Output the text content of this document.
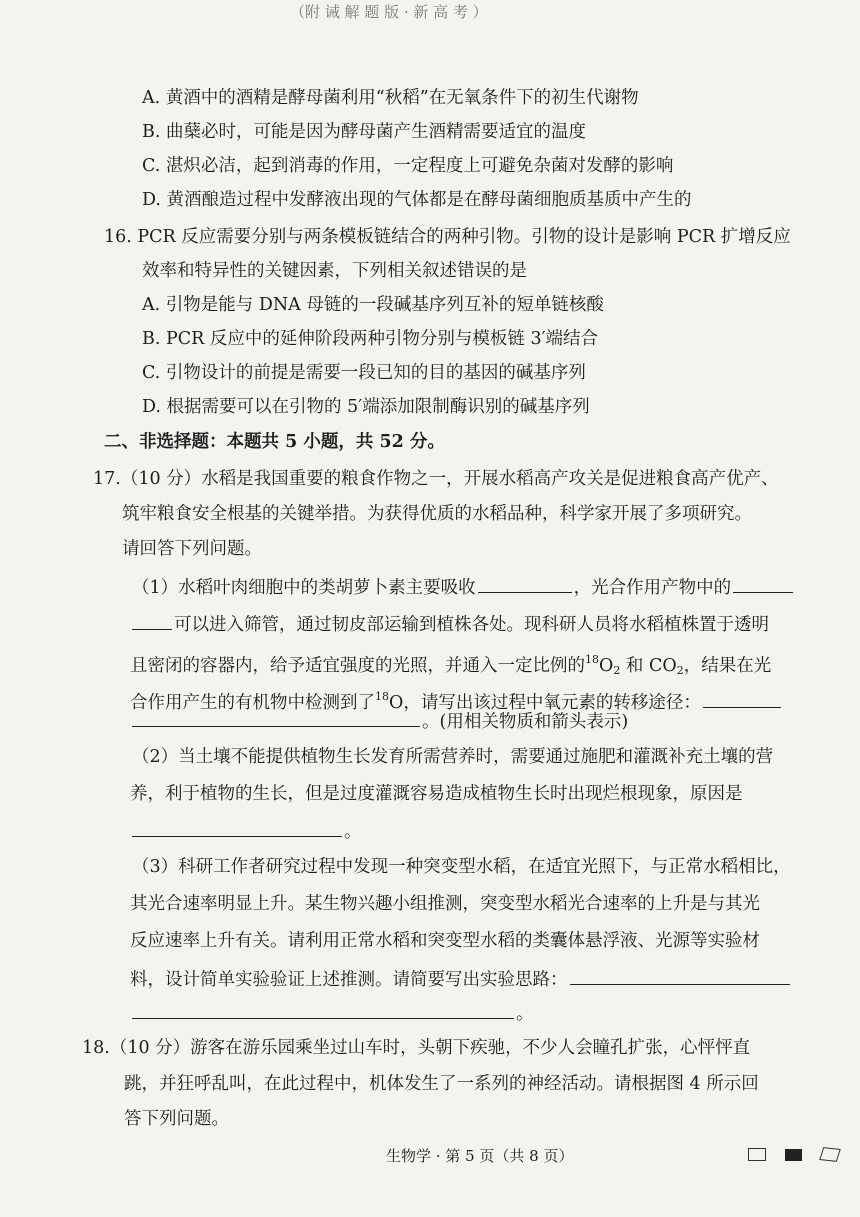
（附 诫 解 题 版 · 新 高 考 ）
A. 黄酒中的酒精是酵母菌利用“秋稻”在无氧条件下的初生代谢物
B. 曲蘖必时，可能是因为酵母菌产生酒精需要适宜的温度
C. 湛炽必洁，起到消毒的作用，一定程度上可避免杂菌对发酵的影响
D. 黄酒酿造过程中发酵液出现的气体都是在酵母菌细胞质基质中产生的
16. PCR 反应需要分别与两条模板链结合的两种引物。引物的设计是影响 PCR 扩增反应
效率和特异性的关键因素，下列相关叙述错误的是
A. 引物是能与 DNA 母链的一段碱基序列互补的短单链核酸
B. PCR 反应中的延伸阶段两种引物分别与模板链 3′端结合
C. 引物设计的前提是需要一段已知的目的基因的碱基序列
D. 根据需要可以在引物的 5′端添加限制酶识别的碱基序列
二、非选择题：本题共 5 小题，共 52 分。
17.（10 分）水稻是我国重要的粮食作物之一，开展水稻高产攻关是促进粮食高产优产、
筑牢粮食安全根基的关键举措。为获得优质的水稻品种，科学家开展了多项研究。
请回答下列问题。
（1）水稻叶肉细胞中的类胡萝卜素主要吸收	，光合作用产物中的
可以进入筛管，通过韧皮部运输到植株各处。现科研人员将水稻植株置于透明
且密闭的容器内，给予适宜强度的光照，并通入一定比例的$^{18}O_2$ 和 $CO_2$，结果在光
合作用产生的有机物中检测到了$^{18}$O，请写出该过程中氧元素的转移途径：
。(用相关物质和箭头表示)
（2）当土壤不能提供植物生长发育所需营养时，需要通过施肥和灌溉补充土壤的营
养，利于植物的生长，但是过度灌溉容易造成植物生长时出现烂根现象，原因是
。
（3）科研工作者研究过程中发现一种突变型水稻，在适宜光照下，与正常水稻相比，
其光合速率明显上升。某生物兴趣小组推测，突变型水稻光合速率的上升是与其光
反应速率上升有关。请利用正常水稻和突变型水稻的类囊体悬浮液、光源等实验材
料，设计简单实验验证上述推测。请简要写出实验思路：
。
18.（10 分）游客在游乐园乘坐过山车时，头朝下疾驰，不少人会瞳孔扩张，心怦怦直
跳，并狂呼乱叫，在此过程中，机体发生了一系列的神经活动。请根据图 4 所示回
答下列问题。
生物学 · 第 5 页（共 8 页）
